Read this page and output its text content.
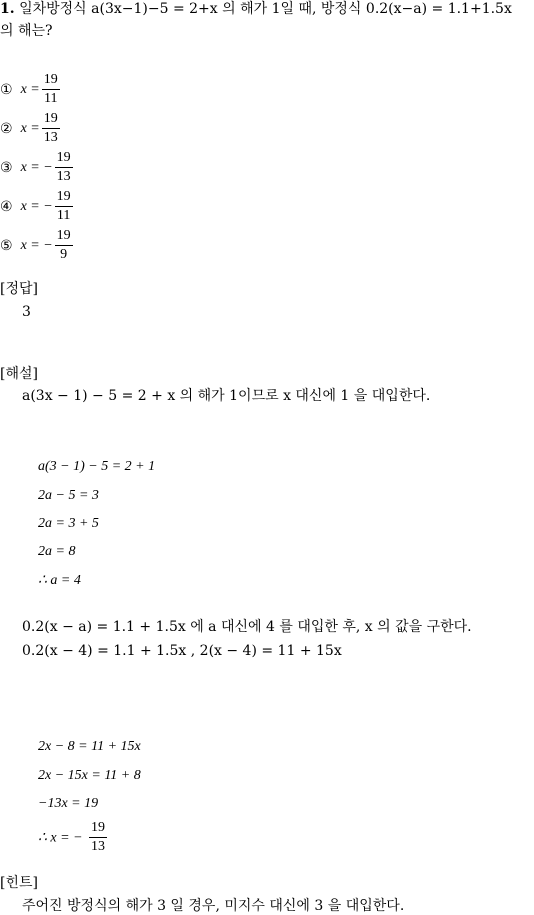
1. 일차방정식 a(3x−1)−5 = 2+x 의 해가 1일 때, 방정식 0.2(x−a) = 1.1+1.5x
의 해는?
① $x = \frac{19}{11}$
② $x = \frac{19}{13}$
③ x = − $\frac{19}{13}$
④ x = − $\frac{19}{11}$
⑤ x = − $\frac{19}{9}$
[정답]
3
[해설]
a(3x − 1) − 5 = 2 + x 의 해가 1이므로 x 대신에 1 을 대입한다.
a(3 − 1) − 5 = 2 + 1
2a − 5 = 3
2a = 3 + 5
2a = 8
∴ a = 4
0.2(x − a) = 1.1 + 1.5x 에 a 대신에 4 를 대입한 후, x 의 값을 구한다.
0.2(x − 4) = 1.1 + 1.5x , 2(x − 4) = 11 + 15x
2x − 8 = 11 + 15x
2x − 15x = 11 + 8
−13x = 19
∴ x = − $\frac{19}{13}$
[힌트]
주어진 방정식의 해가 3 일 경우, 미지수 대신에 3 을 대입한다.
